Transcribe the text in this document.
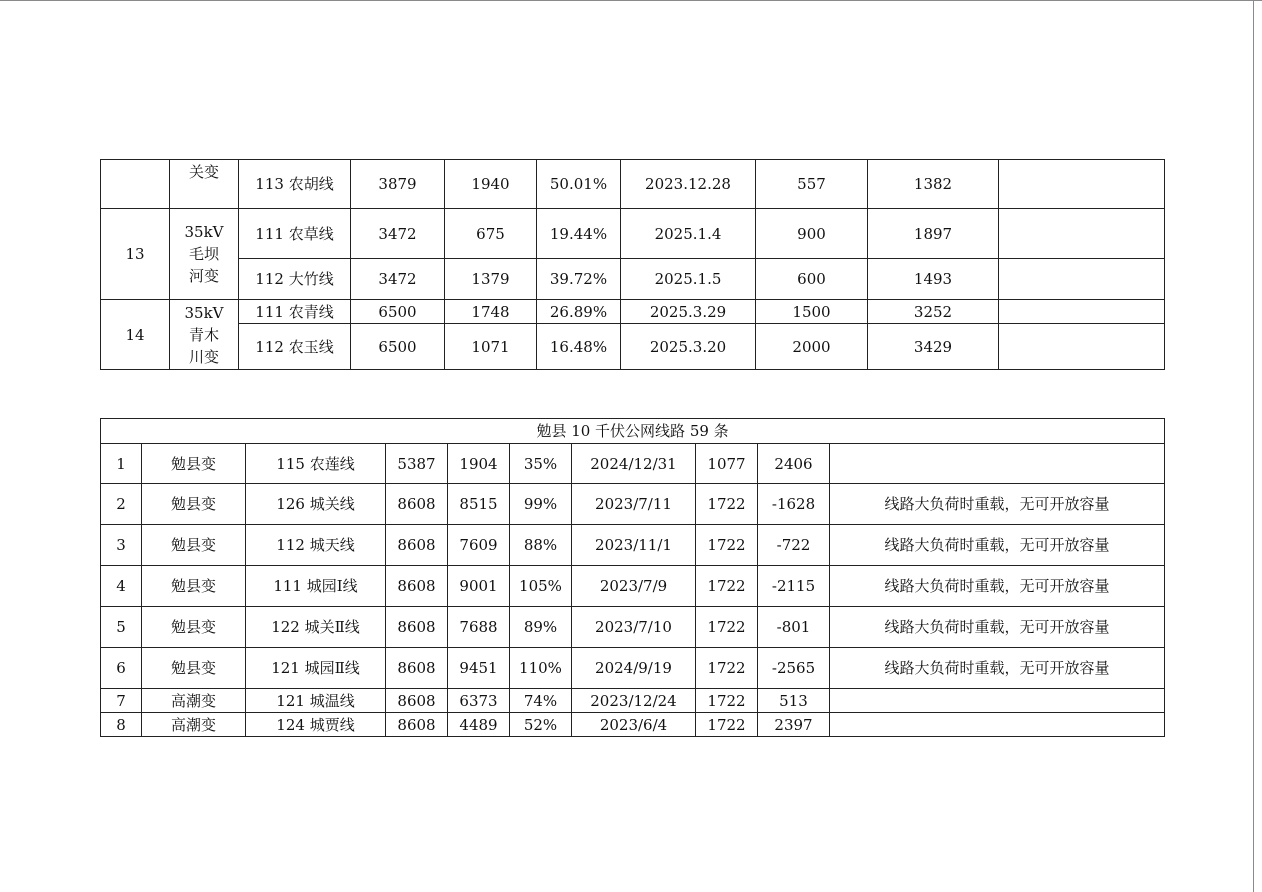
	关变	113 农胡线	3879	1940	50.01%	2023.12.28	557	1382	
13	35kV 毛坝 河变	111 农草线	3472	675	19.44%	2025.1.4	900	1897	
		112 大竹线	3472	1379	39.72%	2025.1.5	600	1493	
14	35kV 青木 川变	111 农青线	6500	1748	26.89%	2025.3.29	1500	3252	
		112 农玉线	6500	1071	16.48%	2025.3.20	2000	3429	
勉县 10 千伏公网线路 59 条									
1	勉县变	115 农莲线	5387	1904	35%	2024/12/31	1077	2406	
2	勉县变	126 城关线	8608	8515	99%	2023/7/11	1722	-1628	线路大负荷时重载，无可开放容量
3	勉县变	112 城天线	8608	7609	88%	2023/11/1	1722	-722	线路大负荷时重载，无可开放容量
4	勉县变	111 城园Ⅰ线	8608	9001	105%	2023/7/9	1722	-2115	线路大负荷时重载，无可开放容量
5	勉县变	122 城关Ⅱ线	8608	7688	89%	2023/7/10	1722	-801	线路大负荷时重载，无可开放容量
6	勉县变	121 城园Ⅱ线	8608	9451	110%	2024/9/19	1722	-2565	线路大负荷时重载，无可开放容量
7	高潮变	121 城温线	8608	6373	74%	2023/12/24	1722	513	
8	高潮变	124 城贾线	8608	4489	52%	2023/6/4	1722	2397	
